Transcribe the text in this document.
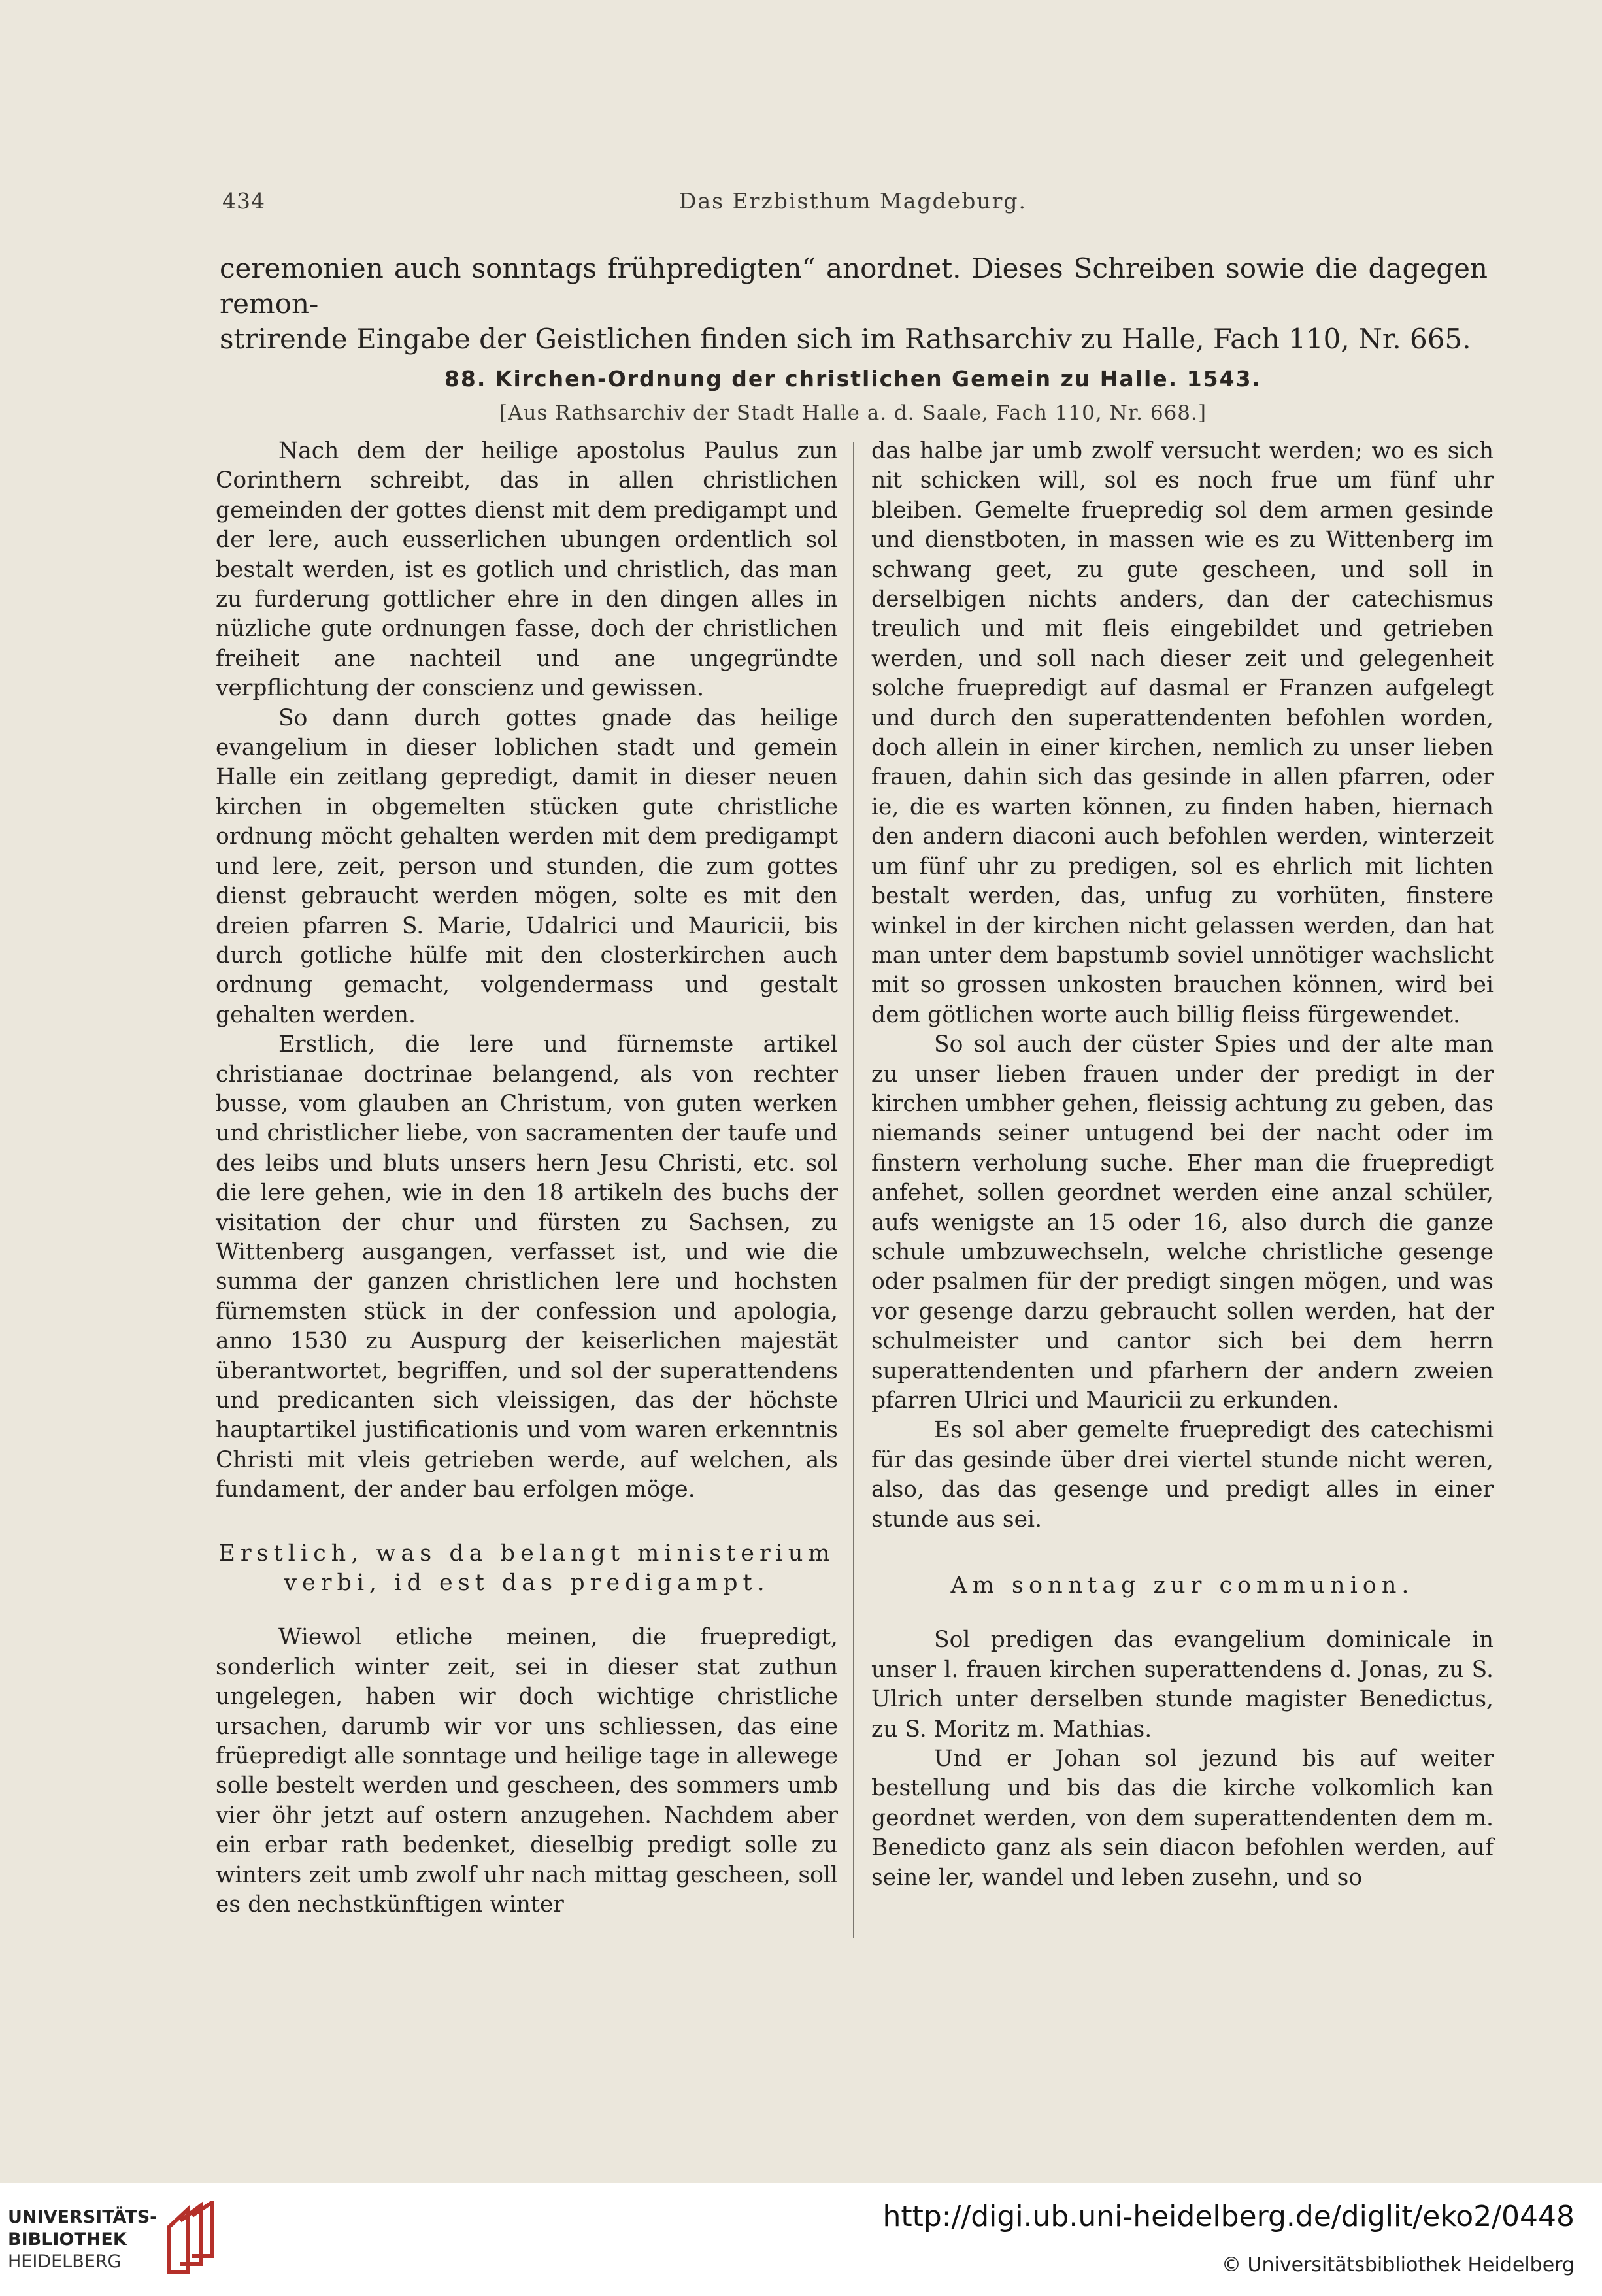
434	Das Erzbisthum Magdeburg.

ceremonien auch sonntags frühpredigten“ anordnet. Dieses Schreiben sowie die dagegen remon-

strirende Eingabe der Geistlichen finden sich im Rathsarchiv zu Halle, Fach 110, Nr. 665.

88. Kirchen-Ordnung der christlichen Gemein zu Halle. 1543.
[Aus Rathsarchiv der Stadt Halle a. d. Saale, Fach 110, Nr. 668.]

Nach dem der heilige apostolus Paulus zun Corinthern schreibt, das in allen christlichen gemeinden der gottes dienst mit dem predigampt und der lere, auch eusserlichen ubungen ordentlich sol bestalt werden, ist es gotlich und christlich, das man zu furderung gottlicher ehre in den dingen alles in nüzliche gute ordnungen fasse, doch der christlichen freiheit ane nachteil und ane ungegründte verpflichtung der conscienz und gewissen.

So dann durch gottes gnade das heilige evangelium in dieser loblichen stadt und gemein Halle ein zeitlang gepredigt, damit in dieser neuen kirchen in obgemelten stücken gute christliche ordnung möcht gehalten werden mit dem predigampt und lere, zeit, person und stunden, die zum gottes dienst gebraucht werden mögen, solte es mit den dreien pfarren S. Marie, Udalrici und Mauricii, bis durch gotliche hülfe mit den closterkirchen auch ordnung gemacht, volgendermass und gestalt gehalten werden.

Erstlich, die lere und fürnemste artikel christianae doctrinae belangend, als von rechter busse, vom glauben an Christum, von guten werken und christlicher liebe, von sacramenten der taufe und des leibs und bluts unsers hern Jesu Christi, etc. sol die lere gehen, wie in den 18 artikeln des buchs der visitation der chur und fürsten zu Sachsen, zu Wittenberg ausgangen, verfasset ist, und wie die summa der ganzen christlichen lere und hochsten fürnemsten stück in der confession und apologia, anno 1530 zu Auspurg der keiserlichen majestät überantwortet, begriffen, und sol der superattendens und predicanten sich vleissigen, das der höchste hauptartikel justificationis und vom waren erkenntnis Christi mit vleis getrieben werde, auf welchen, als fundament, der ander bau erfolgen möge.

Erstlich, was da belangt ministerium verbi, id est das predigampt.

Wiewol etliche meinen, die fruepredigt, sonderlich winter zeit, sei in dieser stat zuthun ungelegen, haben wir doch wichtige christliche ursachen, darumb wir vor uns schliessen, das eine früepredigt alle sonntage und heilige tage in allewege solle bestelt werden und gescheen, des sommers umb vier öhr jetzt auf ostern anzugehen. Nachdem aber ein erbar rath bedenket, dieselbig predigt solle zu winters zeit umb zwolf uhr nach mittag gescheen, soll es den nechstkünftigen winter

das halbe jar umb zwolf versucht werden; wo es sich nit schicken will, sol es noch frue um fünf uhr bleiben. Gemelte fruepredig sol dem armen gesinde und dienstboten, in massen wie es zu Wittenberg im schwang geet, zu gute gescheen, und soll in derselbigen nichts anders, dan der catechismus treulich und mit fleis eingebildet und getrieben werden, und soll nach dieser zeit und gelegenheit solche fruepredigt auf dasmal er Franzen aufgelegt und durch den superattendenten befohlen worden, doch allein in einer kirchen, nemlich zu unser lieben frauen, dahin sich das gesinde in allen pfarren, oder ie, die es warten können, zu finden haben, hiernach den andern diaconi auch befohlen werden, winterzeit um fünf uhr zu predigen, sol es ehrlich mit lichten bestalt werden, das, unfug zu vorhüten, finstere winkel in der kirchen nicht gelassen werden, dan hat man unter dem bapstumb soviel unnötiger wachslicht mit so grossen unkosten brauchen können, wird bei dem götlichen worte auch billig fleiss fürgewendet.

So sol auch der cüster Spies und der alte man zu unser lieben frauen under der predigt in der kirchen umbher gehen, fleissig achtung zu geben, das niemands seiner untugend bei der nacht oder im finstern verholung suche. Eher man die fruepredigt anfehet, sollen geordnet werden eine anzal schüler, aufs wenigste an 15 oder 16, also durch die ganze schule umbzuwechseln, welche christliche gesenge oder psalmen für der predigt singen mögen, und was vor gesenge darzu gebraucht sollen werden, hat der schulmeister und cantor sich bei dem herrn superattendenten und pfarhern der andern zweien pfarren Ulrici und Mauricii zu erkunden.

Es sol aber gemelte fruepredigt des catechismi für das gesinde über drei viertel stunde nicht weren, also, das das gesenge und predigt alles in einer stunde aus sei.

Am sonntag zur communion.

Sol predigen das evangelium dominicale in unser l. frauen kirchen superattendens d. Jonas, zu S. Ulrich unter derselben stunde magister Benedictus, zu S. Moritz m. Mathias.

Und er Johan sol jezund bis auf weiter bestellung und bis das die kirche volkomlich kan geordnet werden, von dem superattendenten dem m. Benedicto ganz als sein diacon befohlen werden, auf seine ler, wandel und leben zusehn, und so

UNIVERSITÄTS-
BIBLIOTHEK
HEIDELBERG
http://digi.ub.uni-heidelberg.de/diglit/eko2/0448
© Universitätsbibliothek Heidelberg
